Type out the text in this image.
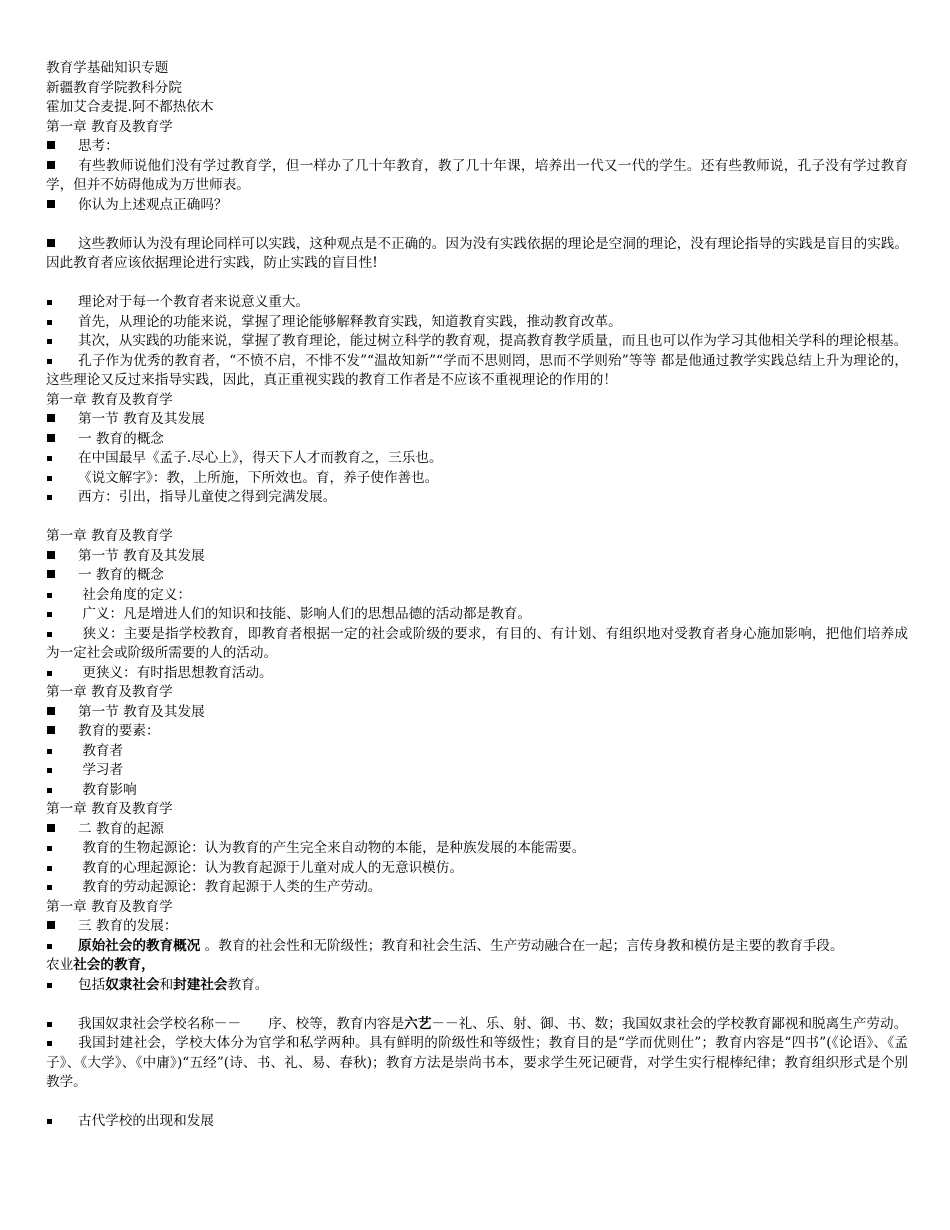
教育学基础知识专题
新疆教育学院教科分院
霍加艾合麦提.阿不都热依木
第一章 教育及教育学
思考：
有些教师说他们没有学过教育学，但一样办了几十年教育，教了几十年课，培养出一代又一代的学生。还有些教师说，孔子没有学过教育学，但并不妨碍他成为万世师表。
你认为上述观点正确吗？
这些教师认为没有理论同样可以实践，这种观点是不正确的。因为没有实践依据的理论是空洞的理论，没有理论指导的实践是盲目的实践。因此教育者应该依据理论进行实践，防止实践的盲目性!
理论对于每一个教育者来说意义重大。
首先，从理论的功能来说，掌握了理论能够解释教育实践，知道教育实践，推动教育改革。
其次，从实践的功能来说，掌握了教育理论，能过树立科学的教育观，提高教育教学质量，而且也可以作为学习其他相关学科的理论根基。
孔子作为优秀的教育者，“不愤不启，不悱不发”“温故知新”“学而不思则罔，思而不学则殆”等等 都是他通过教学实践总结上升为理论的，这些理论又反过来指导实践，因此，真正重视实践的教育工作者是不应该不重视理论的作用的！
第一章 教育及教育学
第一节 教育及其发展
一 教育的概念
在中国最早《孟子.尽心上》，得天下人才而教育之，三乐也。
《说文解字》：教，上所施，下所效也。育，养子使作善也。
西方：引出，指导儿童使之得到完满发展。
第一章 教育及教育学
第一节 教育及其发展
一 教育的概念
社会角度的定义：
广义：凡是增进人们的知识和技能、影响人们的思想品德的活动都是教育。
狭义：主要是指学校教育，即教育者根据一定的社会或阶级的要求，有目的、有计划、有组织地对受教育者身心施加影响，把他们培养成为一定社会或阶级所需要的人的活动。
更狭义：有时指思想教育活动。
第一章 教育及教育学
第一节 教育及其发展
教育的要素：
教育者
学习者
教育影响
第一章 教育及教育学
二 教育的起源
教育的生物起源论：认为教育的产生完全来自动物的本能，是种族发展的本能需要。
教育的心理起源论：认为教育起源于儿童对成人的无意识模仿。
教育的劳动起源论：教育起源于人类的生产劳动。
第一章 教育及教育学
三 教育的发展：
原始社会的教育概况 。教育的社会性和无阶级性；教育和社会生活、生产劳动融合在一起；言传身教和模仿是主要的教育手段。
农业社会的教育，
包括奴隶社会和封建社会教育。
我国奴隶社会学校名称－－　　序、校等，教育内容是六艺－－礼、乐、射、御、书、数；我国奴隶社会的学校教育鄙视和脱离生产劳动。
我国封建社会，学校大体分为官学和私学两种。具有鲜明的阶级性和等级性；教育目的是“学而优则仕”；教育内容是“四书”(《论语》、《孟子》、《大学》、《中庸》)“五经”(诗、书、礼、易、春秋)；教育方法是崇尚书本，要求学生死记硬背，对学生实行棍棒纪律；教育组织形式是个别教学。
古代学校的出现和发展
